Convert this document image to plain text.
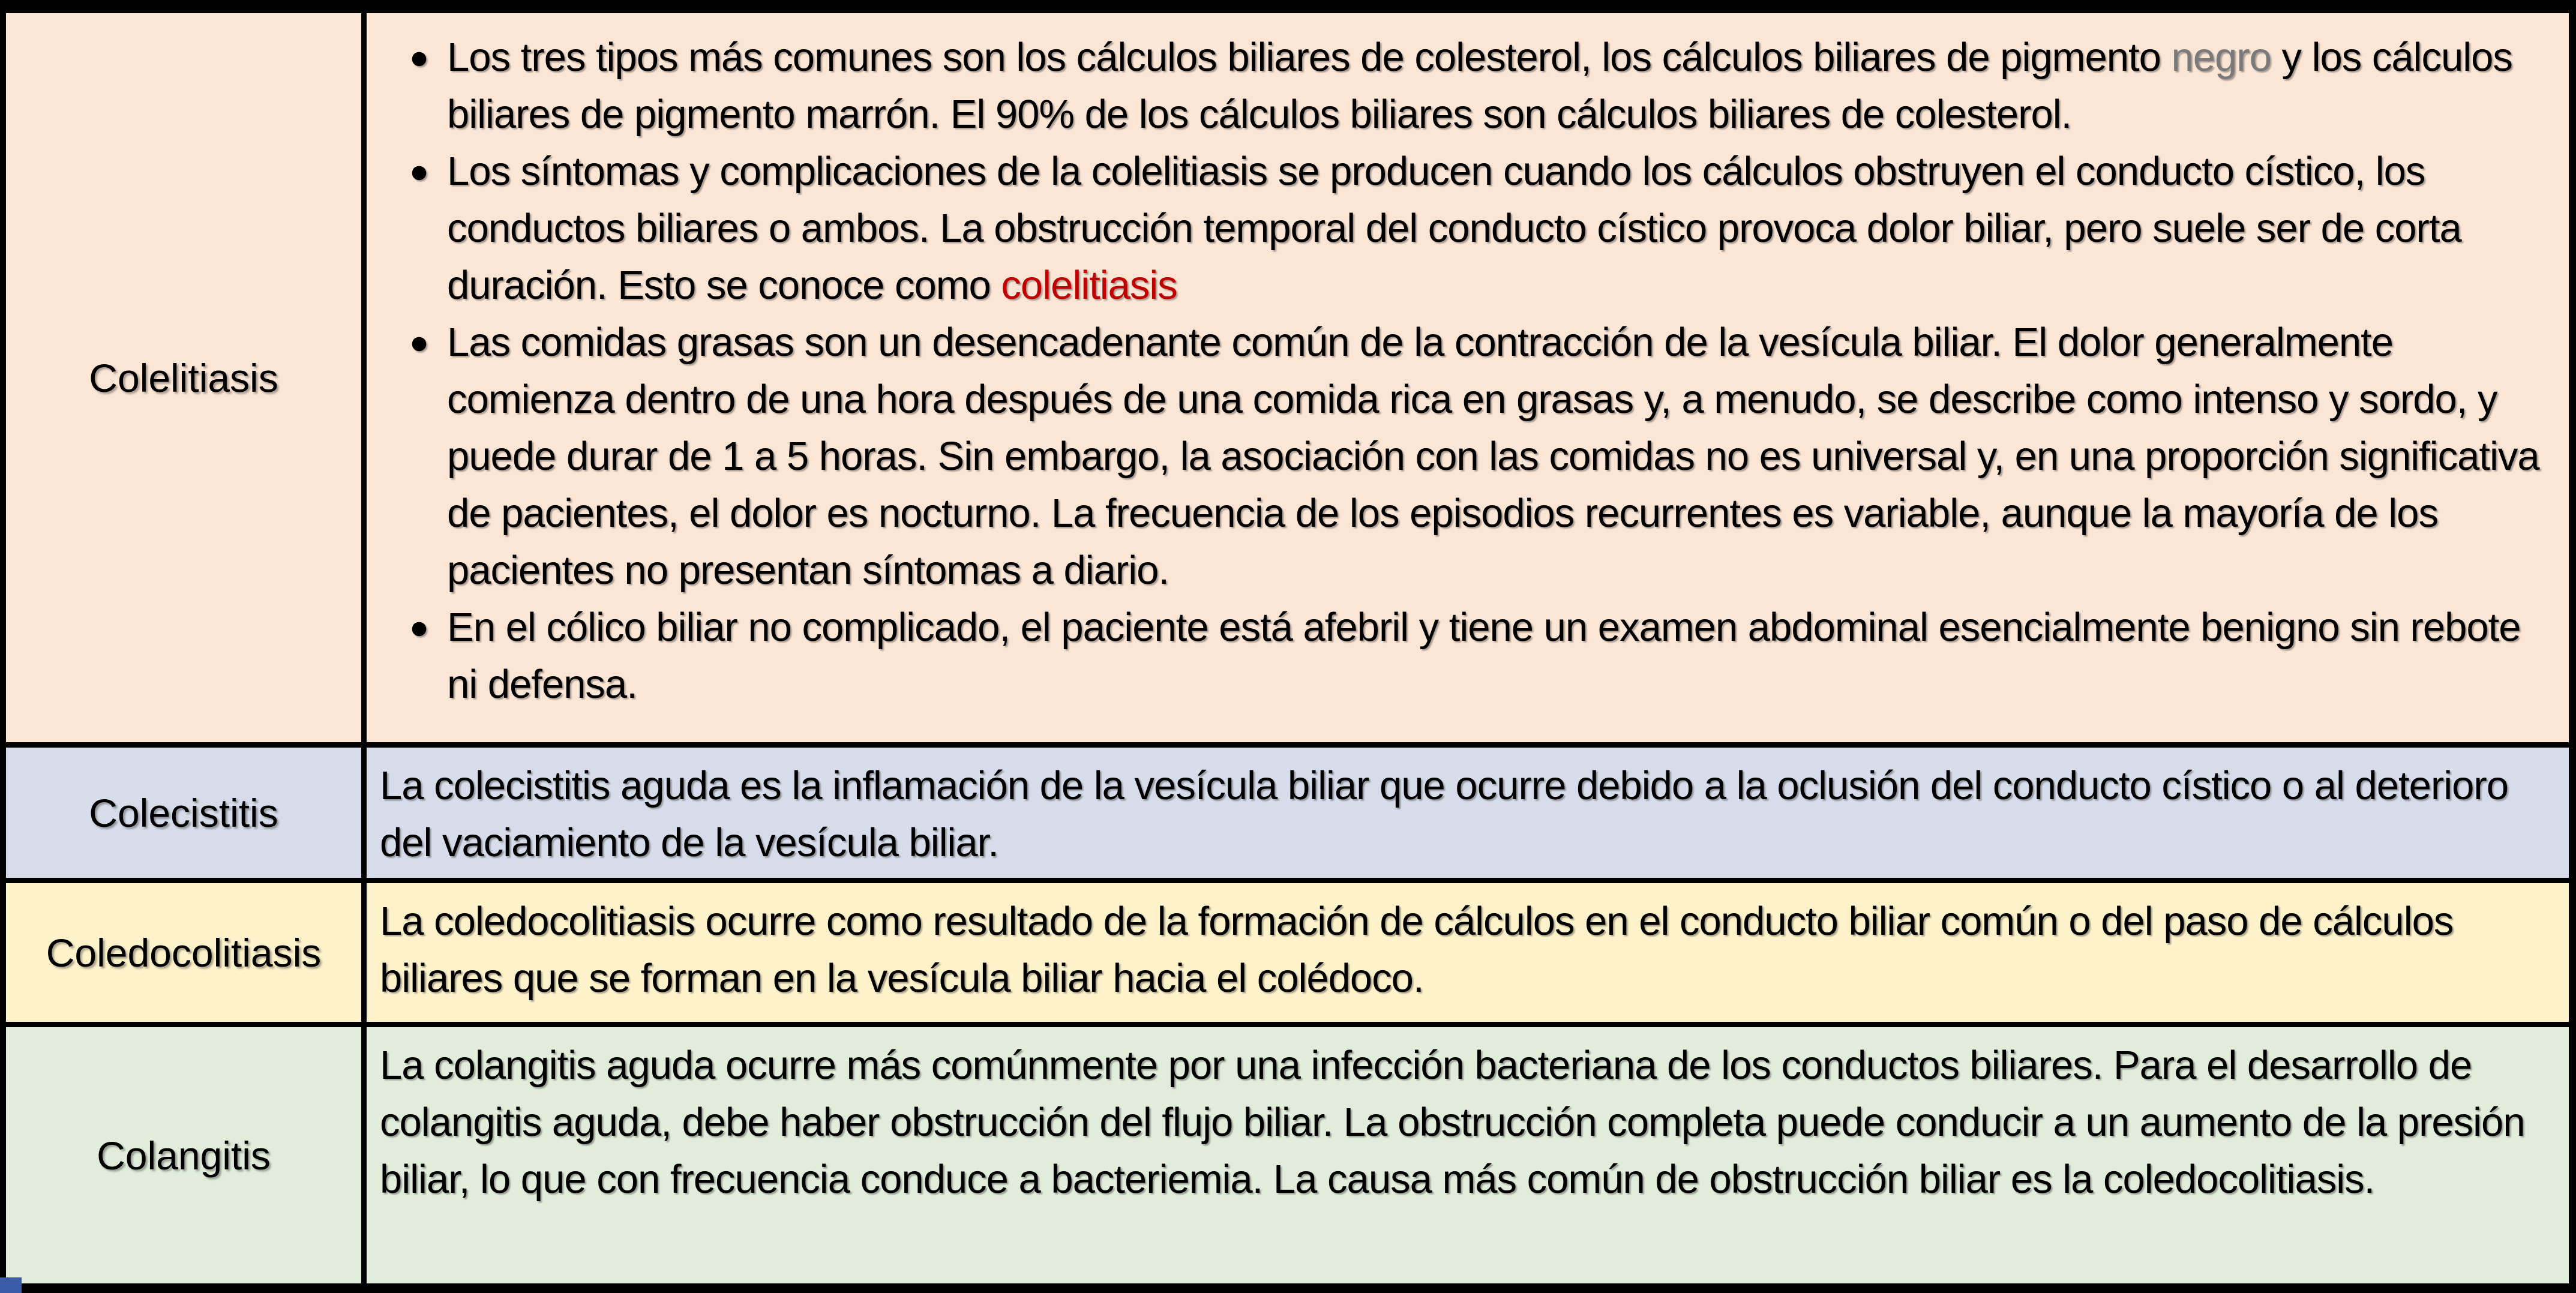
Colelitiasis
● Los tres tipos más comunes son los cálculos biliares de colesterol, los cálculos biliares de pigmento negro y los cálculos biliares de pigmento marrón. El 90% de los cálculos biliares son cálculos biliares de colesterol.
● Los síntomas y complicaciones de la colelitiasis se producen cuando los cálculos obstruyen el conducto cístico, los conductos biliares o ambos. La obstrucción temporal del conducto cístico provoca dolor biliar, pero suele ser de corta duración. Esto se conoce como colelitiasis
● Las comidas grasas son un desencadenante común de la contracción de la vesícula biliar. El dolor generalmente comienza dentro de una hora después de una comida rica en grasas y, a menudo, se describe como intenso y sordo, y puede durar de 1 a 5 horas. Sin embargo, la asociación con las comidas no es universal y, en una proporción significativa de pacientes, el dolor es nocturno. La frecuencia de los episodios recurrentes es variable, aunque la mayoría de los pacientes no presentan síntomas a diario.
● En el cólico biliar no complicado, el paciente está afebril y tiene un examen abdominal esencialmente benigno sin rebote ni defensa.
Colecistitis
La colecistitis aguda es la inflamación de la vesícula biliar que ocurre debido a la oclusión del conducto cístico o al deterioro del vaciamiento de la vesícula biliar.
Coledocolitiasis
La coledocolitiasis ocurre como resultado de la formación de cálculos en el conducto biliar común o del paso de cálculos biliares que se forman en la vesícula biliar hacia el colédoco.
Colangitis
La colangitis aguda ocurre más comúnmente por una infección bacteriana de los conductos biliares. Para el desarrollo de colangitis aguda, debe haber obstrucción del flujo biliar. La obstrucción completa puede conducir a un aumento de la presión biliar, lo que con frecuencia conduce a bacteriemia. La causa más común de obstrucción biliar es la coledocolitiasis.
